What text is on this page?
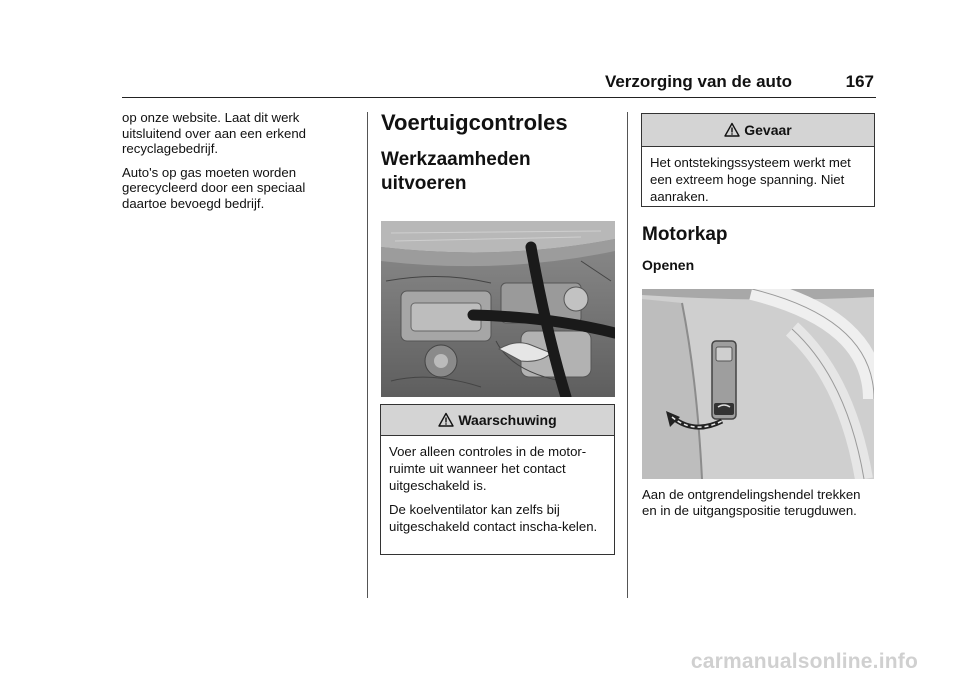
Verzorging van de auto	167

op onze website. Laat dit werk uitsluitend over aan een erkend recyclagebedrijf.

Auto's op gas moeten worden gerecycleerd door een speciaal daartoe bevoegd bedrijf.

Voertuigcontroles
Werkzaamheden uitvoeren
Waarschuwing

Voer alleen controles in de motor-ruimte uit wanneer het contact uitgeschakeld is.

De koelventilator kan zelfs bij uitgeschakeld contact inscha-kelen.

Gevaar

Het ontstekingssysteem werkt met een extreem hoge spanning. Niet aanraken.

Motorkap
Openen
Aan de ontgrendelingshendel trekken en in de uitgangspositie terugduwen.
carmanualsonline.info
